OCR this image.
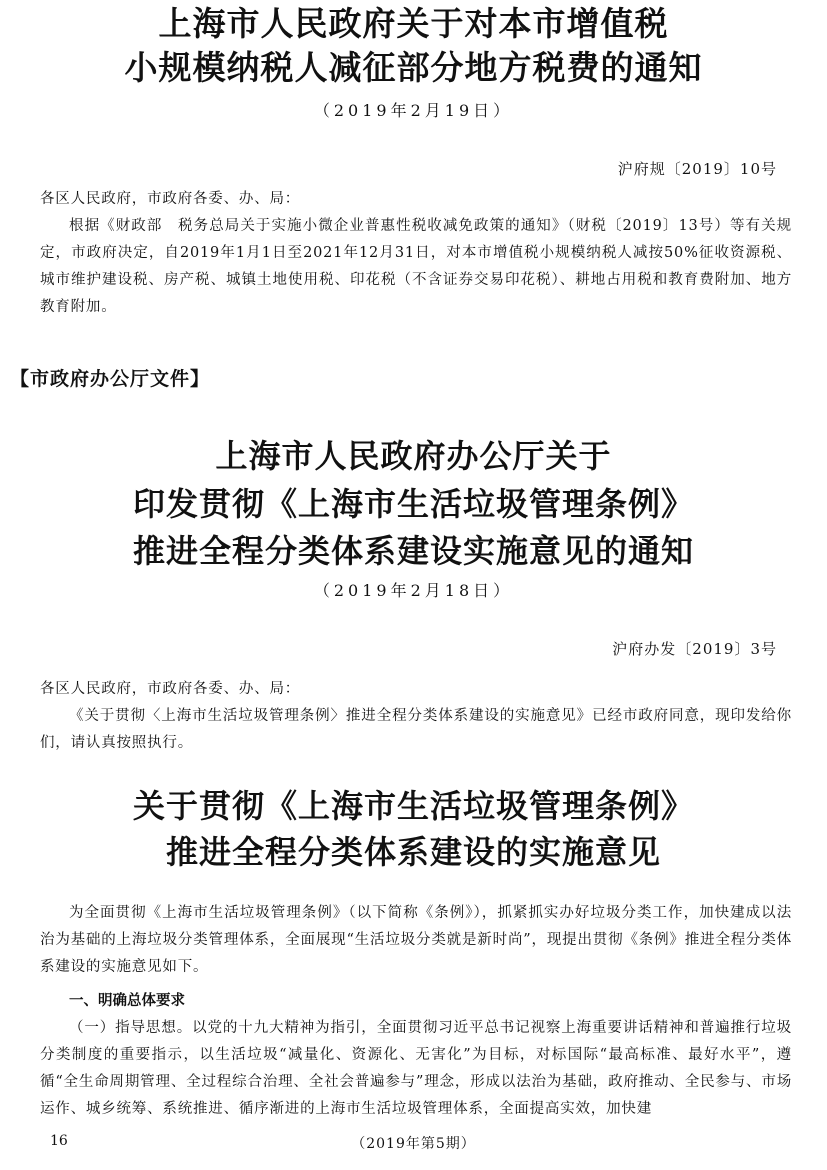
上海市人民政府关于对本市增值税
小规模纳税人减征部分地方税费的通知
（2019年2月19日）
沪府规〔2019〕10号
各区人民政府，市政府各委、办、局：
根据《财政部　税务总局关于实施小微企业普惠性税收减免政策的通知》（财税〔2019〕13号）等有关规定，市政府决定，自2019年1月1日至2021年12月31日，对本市增值税小规模纳税人减按50%征收资源税、城市维护建设税、房产税、城镇土地使用税、印花税（不含证券交易印花税）、耕地占用税和教育费附加、地方教育附加。
【市政府办公厅文件】
上海市人民政府办公厅关于
印发贯彻《上海市生活垃圾管理条例》
推进全程分类体系建设实施意见的通知
（2019年2月18日）
沪府办发〔2019〕3号
各区人民政府，市政府各委、办、局：
《关于贯彻〈上海市生活垃圾管理条例〉推进全程分类体系建设的实施意见》已经市政府同意，现印发给你们，请认真按照执行。
关于贯彻《上海市生活垃圾管理条例》
推进全程分类体系建设的实施意见
为全面贯彻《上海市生活垃圾管理条例》（以下简称《条例》），抓紧抓实办好垃圾分类工作，加快建成以法治为基础的上海垃圾分类管理体系，全面展现“生活垃圾分类就是新时尚”，现提出贯彻《条例》推进全程分类体系建设的实施意见如下。
一、明确总体要求
（一）指导思想。以党的十九大精神为指引，全面贯彻习近平总书记视察上海重要讲话精神和普遍推行垃圾分类制度的重要指示，以生活垃圾“减量化、资源化、无害化”为目标，对标国际“最高标准、最好水平”，遵循“全生命周期管理、全过程综合治理、全社会普遍参与”理念，形成以法治为基础，政府推动、全民参与、市场运作、城乡统筹、系统推进、循序渐进的上海市生活垃圾管理体系，全面提高实效，加快建
16	（2019年第5期）
